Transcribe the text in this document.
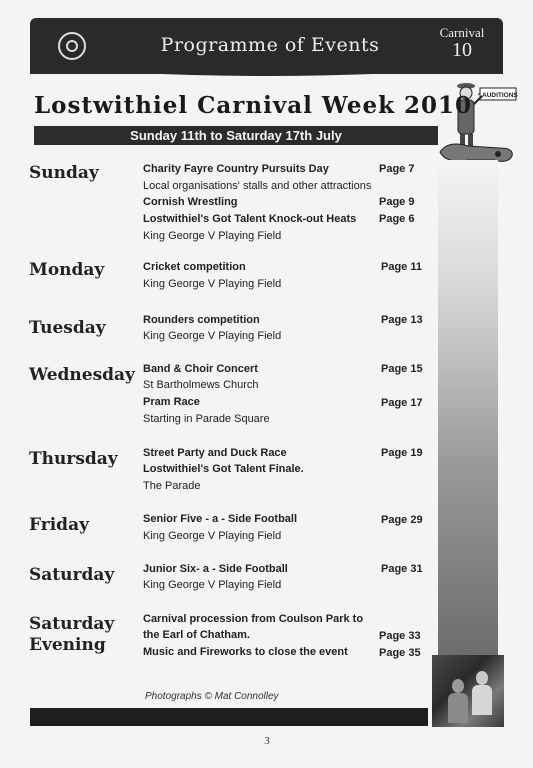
Programme of Events
Carnival
10
AUDITIONS
Lostwithiel Carnival Week 2010
Sunday 11th to Saturday 17th July
Sunday	Charity Fayre Country Pursuits Day	Page 7
Local organisations' stalls and other attractions
Cornish Wrestling	Page 9
Lostwithiel's Got Talent Knock-out Heats Page 6
King George V Playing Field
Monday	Cricket competition	Page 11
King George V Playing Field
Tuesday	Rounders competition	Page 13
King George V Playing Field
Wednesday Band & Choir Concert	Page 15
St Bartholmews Church
Pram Race	Page 17
Starting in Parade Square
Thursday Street Party and Duck Race	Page 19
Lostwithiel's Got Talent Finale.
The Parade
Friday	Senior Five - a - Side Football	Page 29
King George V Playing Field
Saturday	Junior Six- a - Side Football	Page 31
King George V Playing Field
Saturday
Evening
Carnival procession from Coulson Park to
the Earl of Chatham.	Page 33
Music and Fireworks to close the event	Page 35
Photographs © Mat Connolley
3
